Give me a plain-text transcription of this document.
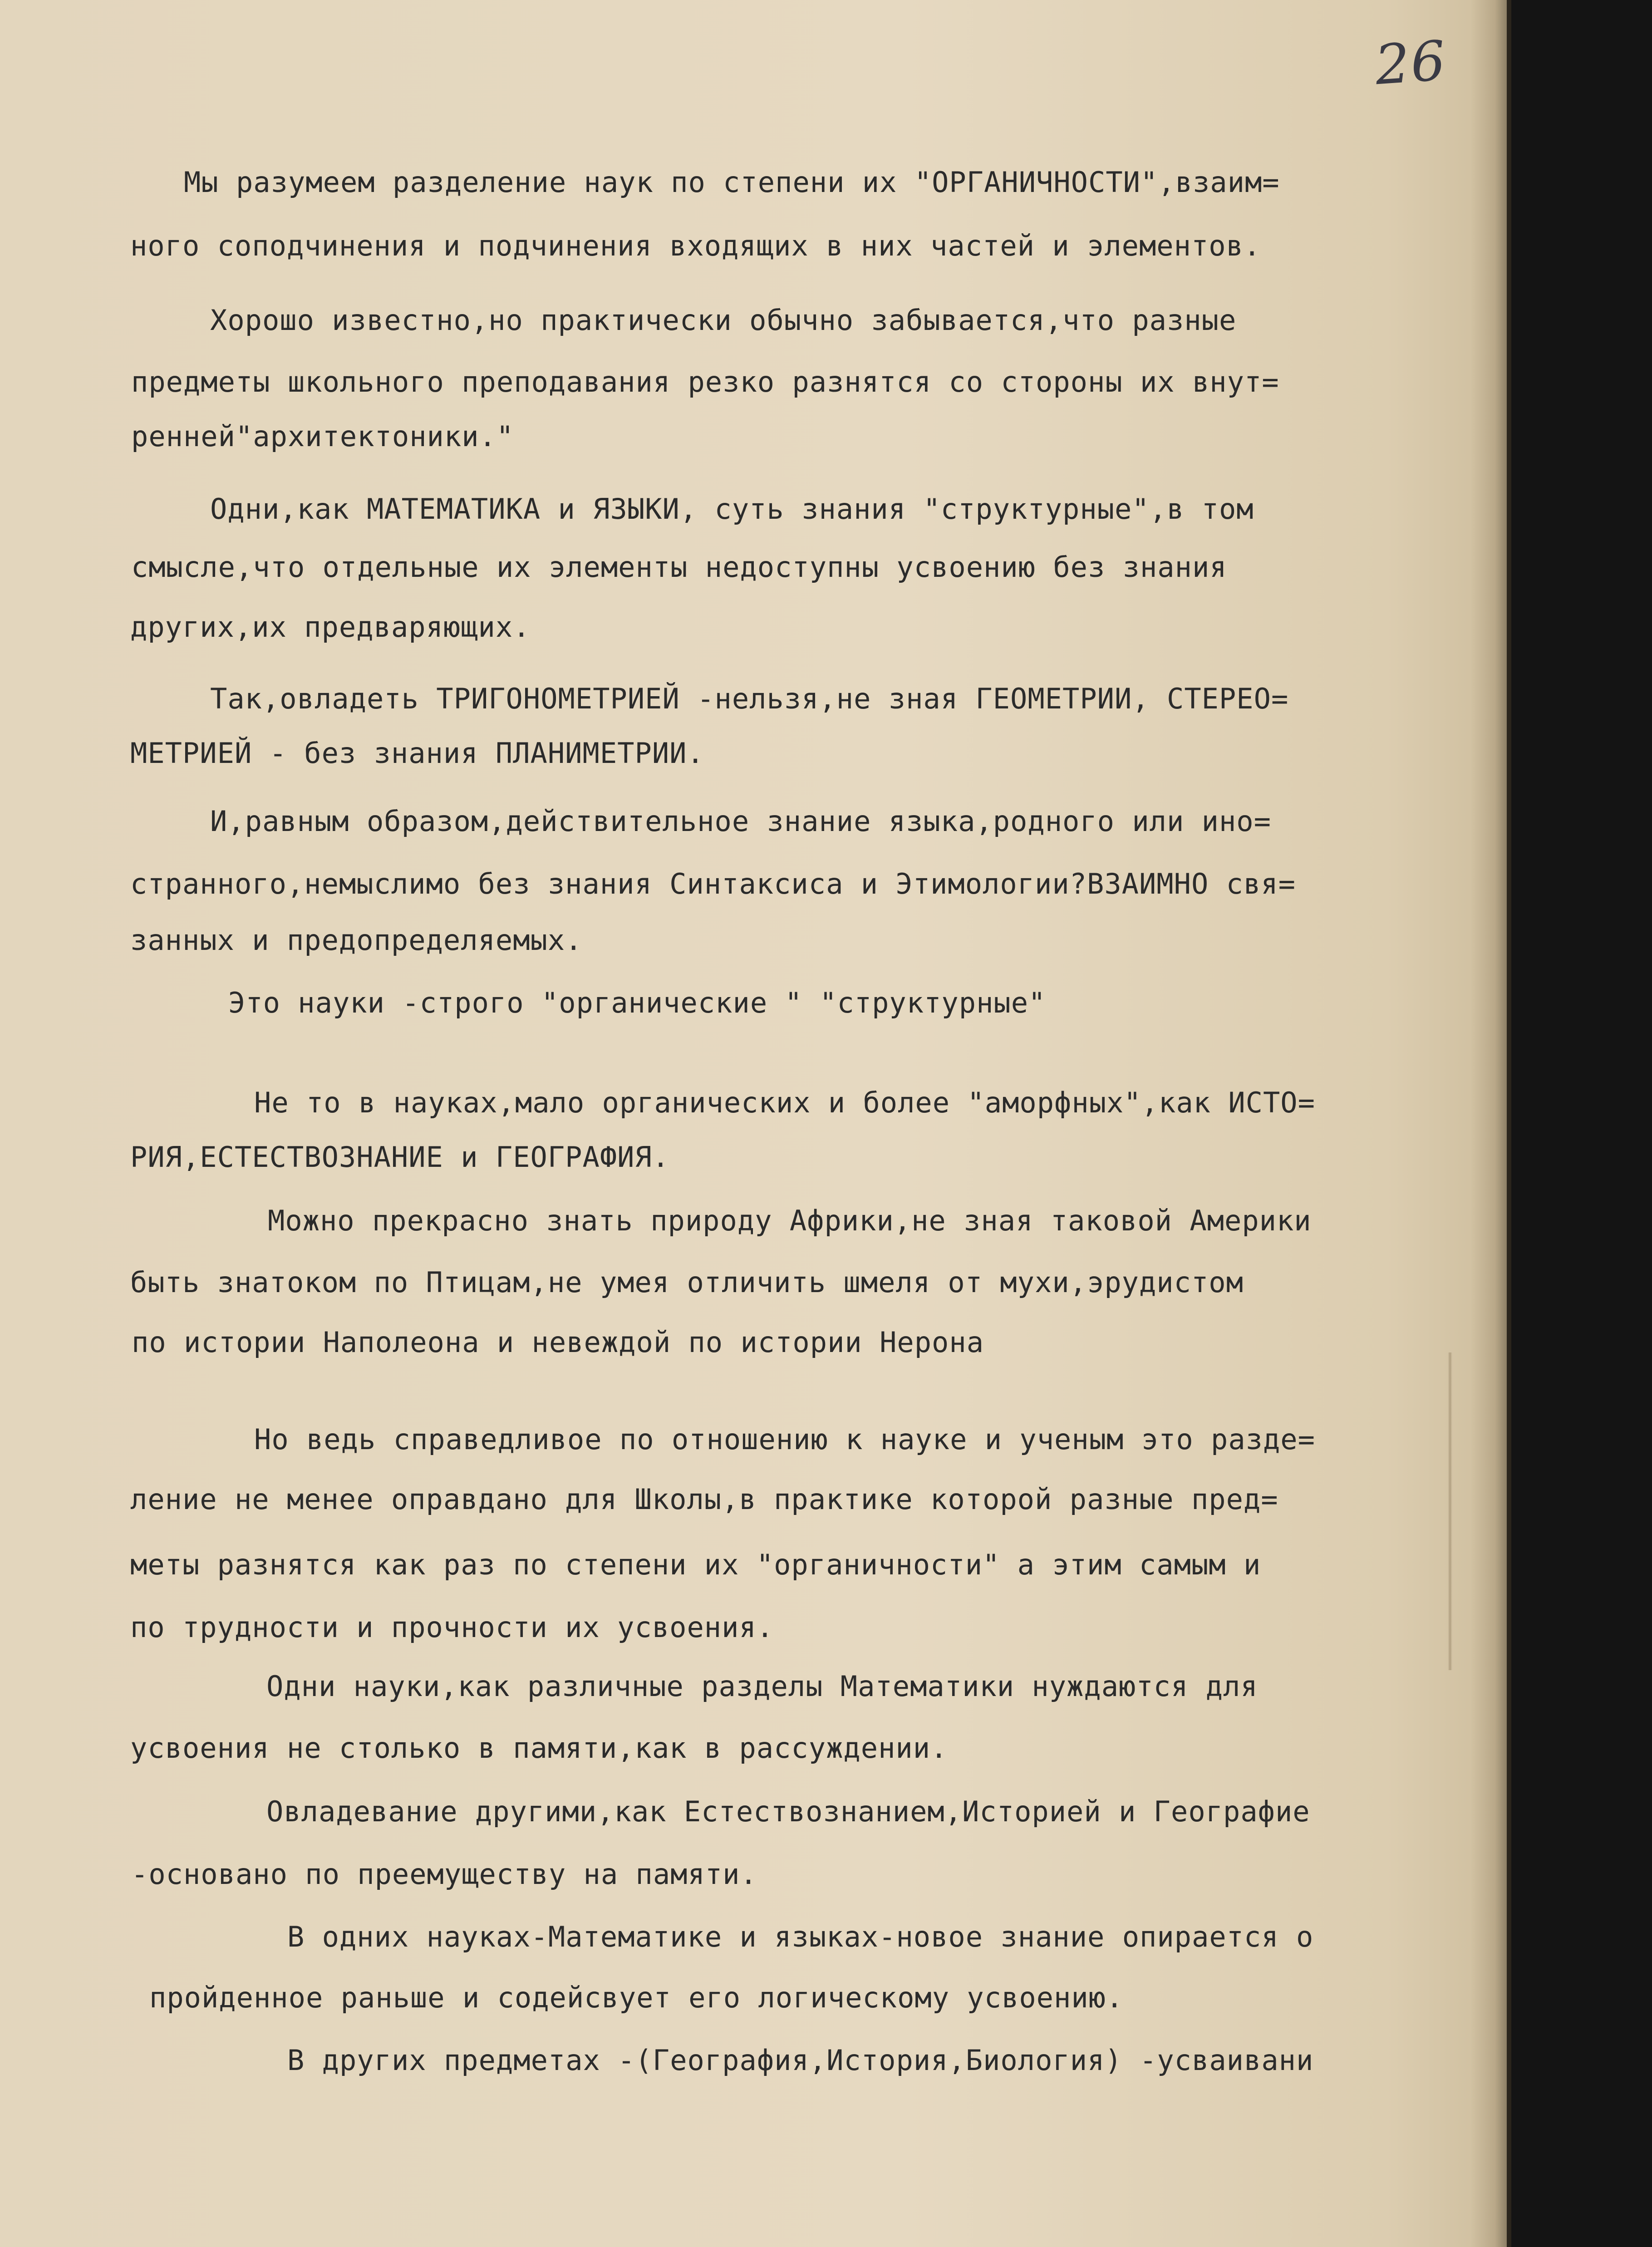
26
Мы разумеем разделение наук по степени их "ОРГАНИЧНОСТИ",взаим=
ного соподчинения и подчинения входящих в них частей и элементов.
Хорошо известно,но практически обычно забывается,что разные
предметы школьного преподавания резко разнятся со стороны их внут=
ренней"архитектоники."
Одни,как МАТЕМАТИКА и ЯЗЫКИ, суть знания "структурные",в том
смысле,что отдельные их элементы недоступны усвоению без знания
других,их предваряющих.
Так,овладеть ТРИГОНОМЕТРИЕЙ -нельзя,не зная ГЕОМЕТРИИ, СТЕРЕО=
МЕТРИЕЙ - без знания ПЛАНИМЕТРИИ.
И,равным образом,действительное знание языка,родного или ино=
странного,немыслимо без знания Синтаксиса и Этимологии?ВЗАИМНО свя=
занных и предопределяемых.
Это науки -строго "органические " "структурные"
Не то в науках,мало органических и более "аморфных",как ИСТО=
РИЯ,ЕСТЕСТВОЗНАНИЕ и ГЕОГРАФИЯ.
Можно прекрасно знать природу Африки,не зная таковой Америки
быть знатоком по Птицам,не умея отличить шмеля от мухи,эрудистом
по истории Наполеона и невеждой по истории Нерона
Но ведь справедливое по отношению к науке и ученым это разде=
ление не менее оправдано для Школы,в практике которой разные пред=
меты разнятся как раз по степени их "органичности" а этим самым и
по трудности и прочности их усвоения.
Одни науки,как различные разделы Математики нуждаются для
усвоения не столько в памяти,как в рассуждении.
Овладевание другими,как Естествознанием,Историей и Географие
-основано по преемуществу на памяти.
В одних науках-Математике и языках-новое знание опирается о
пройденное раньше и содейсвует его логическому усвоению.
В других предметах -(География,История,Биология) -усваивани
